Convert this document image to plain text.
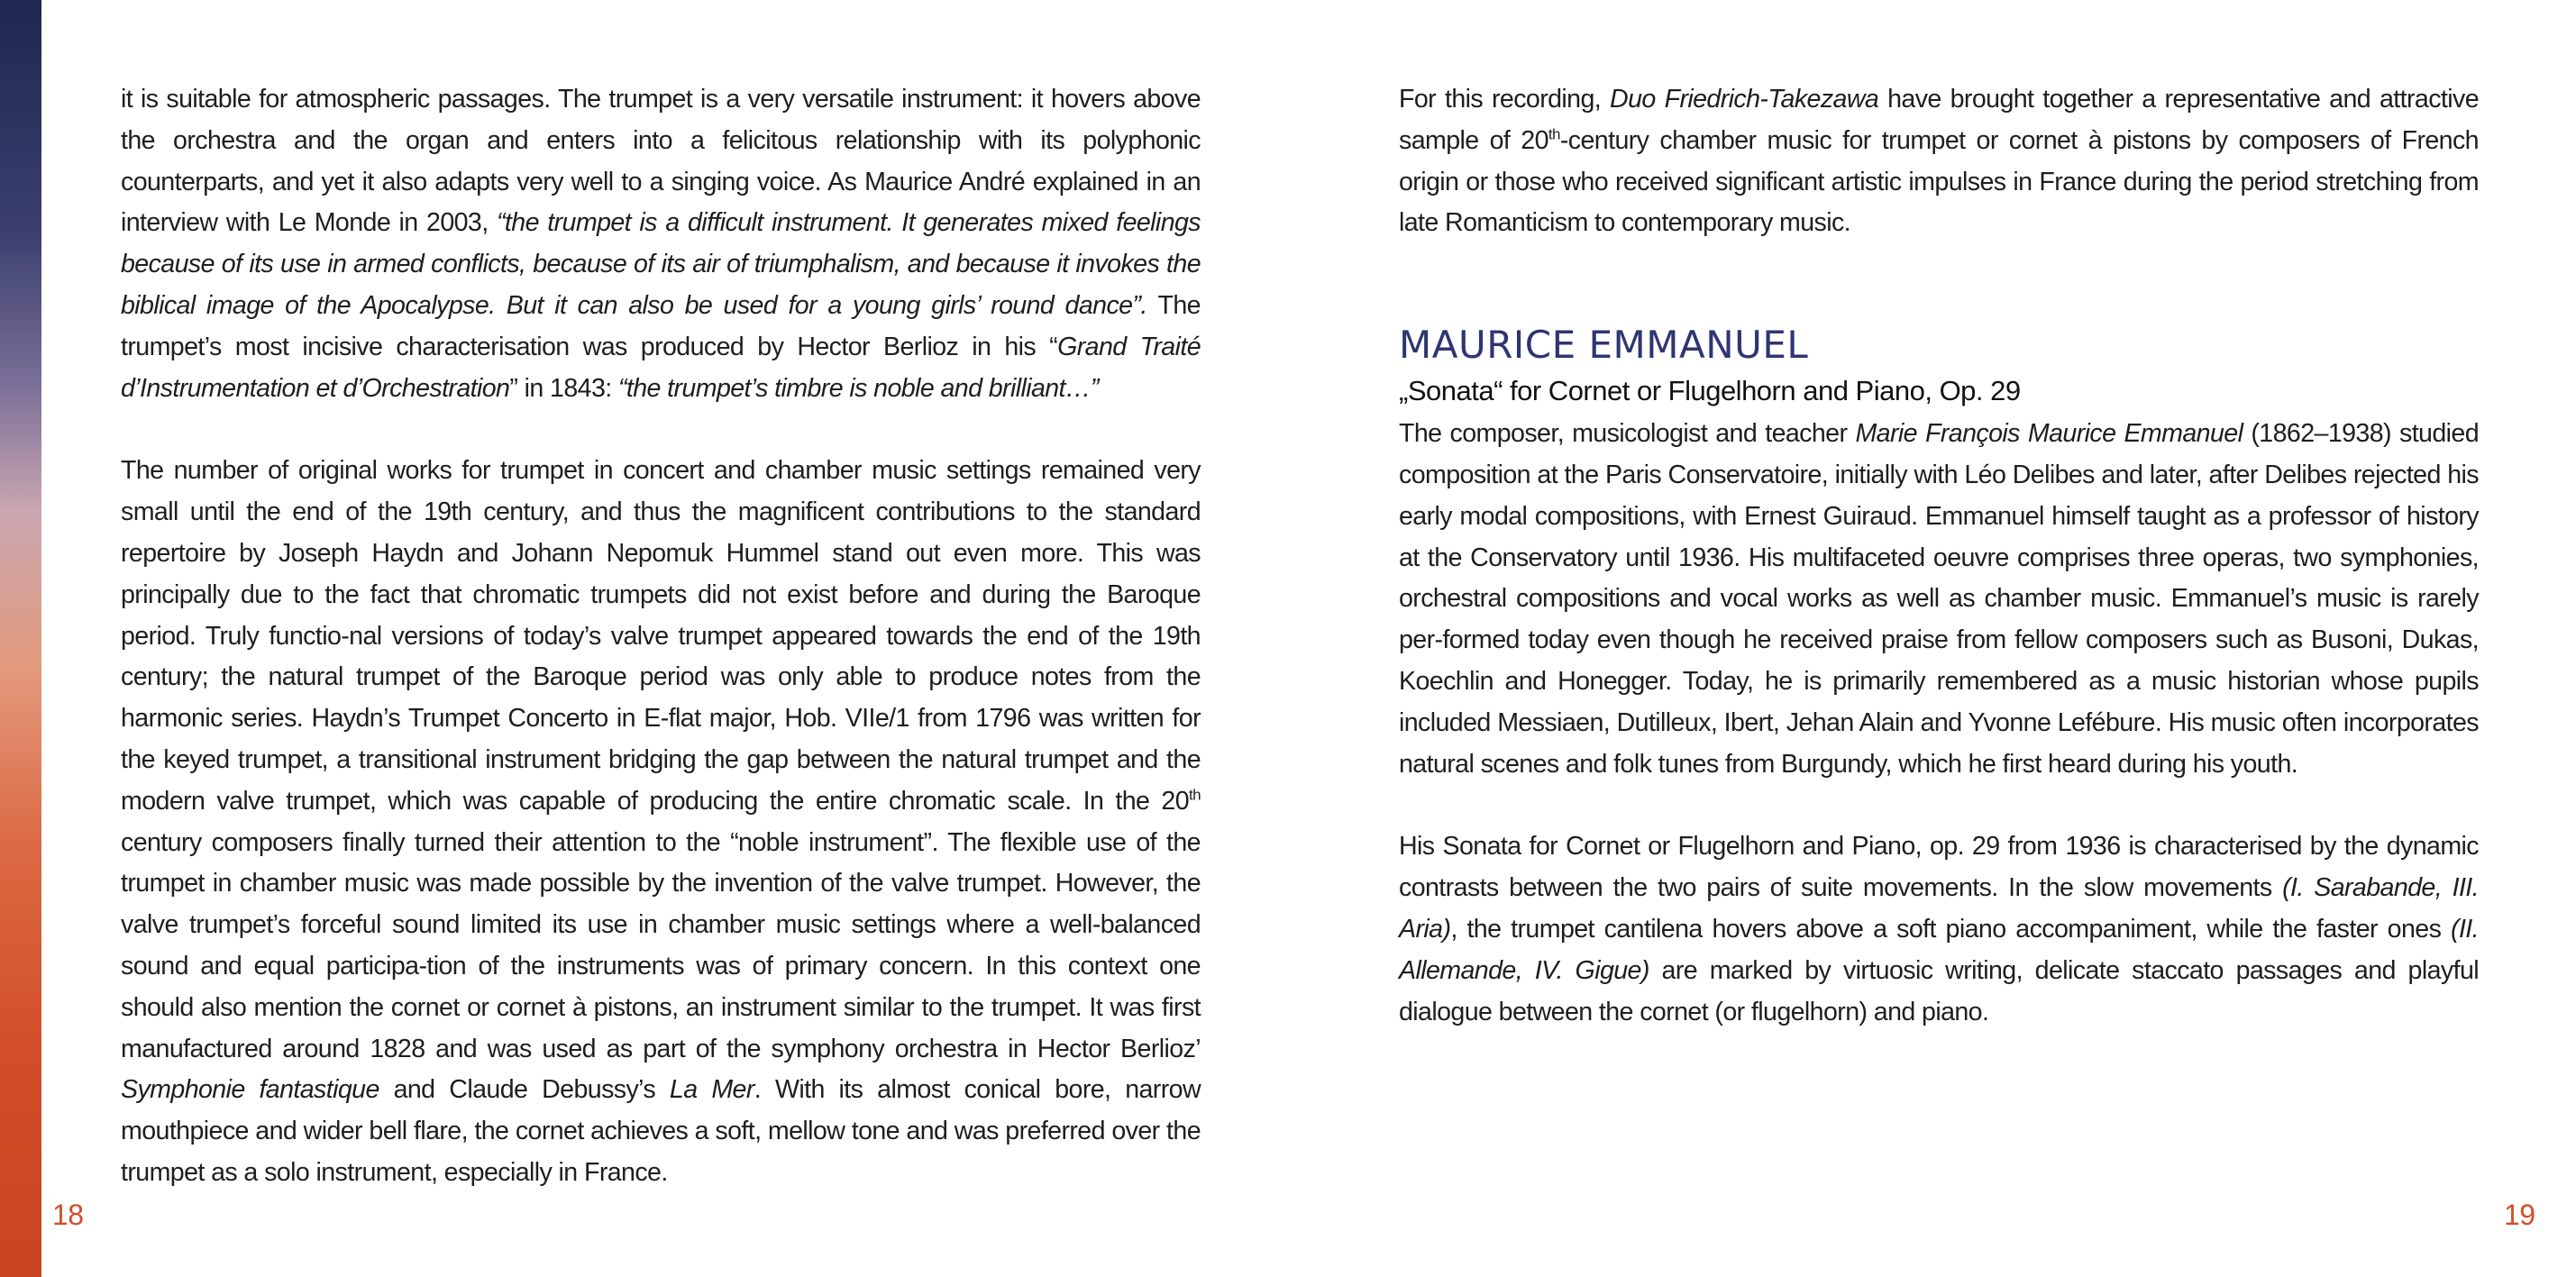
it is suitable for atmospheric passages. The trumpet is a very versatile instrument: it hovers above the orchestra and the organ and enters into a felicitous relationship with its polyphonic counterparts, and yet it also adapts very well to a singing voice. As Maurice André explained in an interview with Le Monde in 2003, “the trumpet is a difficult instrument. It generates mixed feelings because of its use in armed conflicts, because of its air of triumphalism, and because it invokes the biblical image of the Apocalypse. But it can also be used for a young girls’ round dance”. The trumpet’s most incisive characterisation was produced by Hector Berlioz in his “Grand Traité d’Instrumentation et d’Orchestration” in 1843: “the trumpet’s timbre is noble and brilliant…”

The number of original works for trumpet in concert and chamber music settings remained very small until the end of the 19th century, and thus the magnificent contributions to the standard repertoire by Joseph Haydn and Johann Nepomuk Hummel stand out even more. This was principally due to the fact that chromatic trumpets did not exist before and during the Baroque period. Truly functio-nal versions of today’s valve trumpet appeared towards the end of the 19th century; the natural trumpet of the Baroque period was only able to produce notes from the harmonic series. Haydn’s Trumpet Concerto in E-flat major, Hob. VIIe/1 from 1796 was written for the keyed trumpet, a transitional instrument bridging the gap between the natural trumpet and the modern valve trumpet, which was capable of producing the entire chromatic scale. In the 20th century composers finally turned their attention to the “noble instrument”. The flexible use of the trumpet in chamber music was made possible by the invention of the valve trumpet. However, the valve trumpet’s forceful sound limited its use in chamber music settings where a well-balanced sound and equal participa-tion of the instruments was of primary concern. In this context one should also mention the cornet or cornet à pistons, an instrument similar to the trumpet. It was first manufactured around 1828 and was used as part of the symphony orchestra in Hector Berlioz’ Symphonie fantastique and Claude Debussy’s La Mer. With its almost conical bore, narrow mouthpiece and wider bell flare, the cornet achieves a soft, mellow tone and was preferred over the trumpet as a solo instrument, especially in France.

18

For this recording, Duo Friedrich-Takezawa have brought together a representative and attractive sample of 20th-century chamber music for trumpet or cornet à pistons by composers of French origin or those who received significant artistic impulses in France during the period stretching from late Romanticism to contemporary music.

MAURICE EMMANUEL
„Sonata“ for Cornet or Flugelhorn and Piano, Op. 29

The composer, musicologist and teacher Marie François Maurice Emmanuel (1862–1938) studied composition at the Paris Conservatoire, initially with Léo Delibes and later, after Delibes rejected his early modal compositions, with Ernest Guiraud. Emmanuel himself taught as a professor of history at the Conservatory until 1936. His multifaceted oeuvre comprises three operas, two symphonies, orchestral compositions and vocal works as well as chamber music. Emmanuel’s music is rarely per-formed today even though he received praise from fellow composers such as Busoni, Dukas, Koechlin and Honegger. Today, he is primarily remembered as a music historian whose pupils included Messiaen, Dutilleux, Ibert, Jehan Alain and Yvonne Lefébure. His music often incorporates natural scenes and folk tunes from Burgundy, which he first heard during his youth.

His Sonata for Cornet or Flugelhorn and Piano, op. 29 from 1936 is characterised by the dynamic contrasts between the two pairs of suite movements. In the slow movements (I. Sarabande, III. Aria), the trumpet cantilena hovers above a soft piano accompaniment, while the faster ones (II. Allemande, IV. Gigue) are marked by virtuosic writing, delicate staccato passages and playful dialogue between the cornet (or flugelhorn) and piano.

19
